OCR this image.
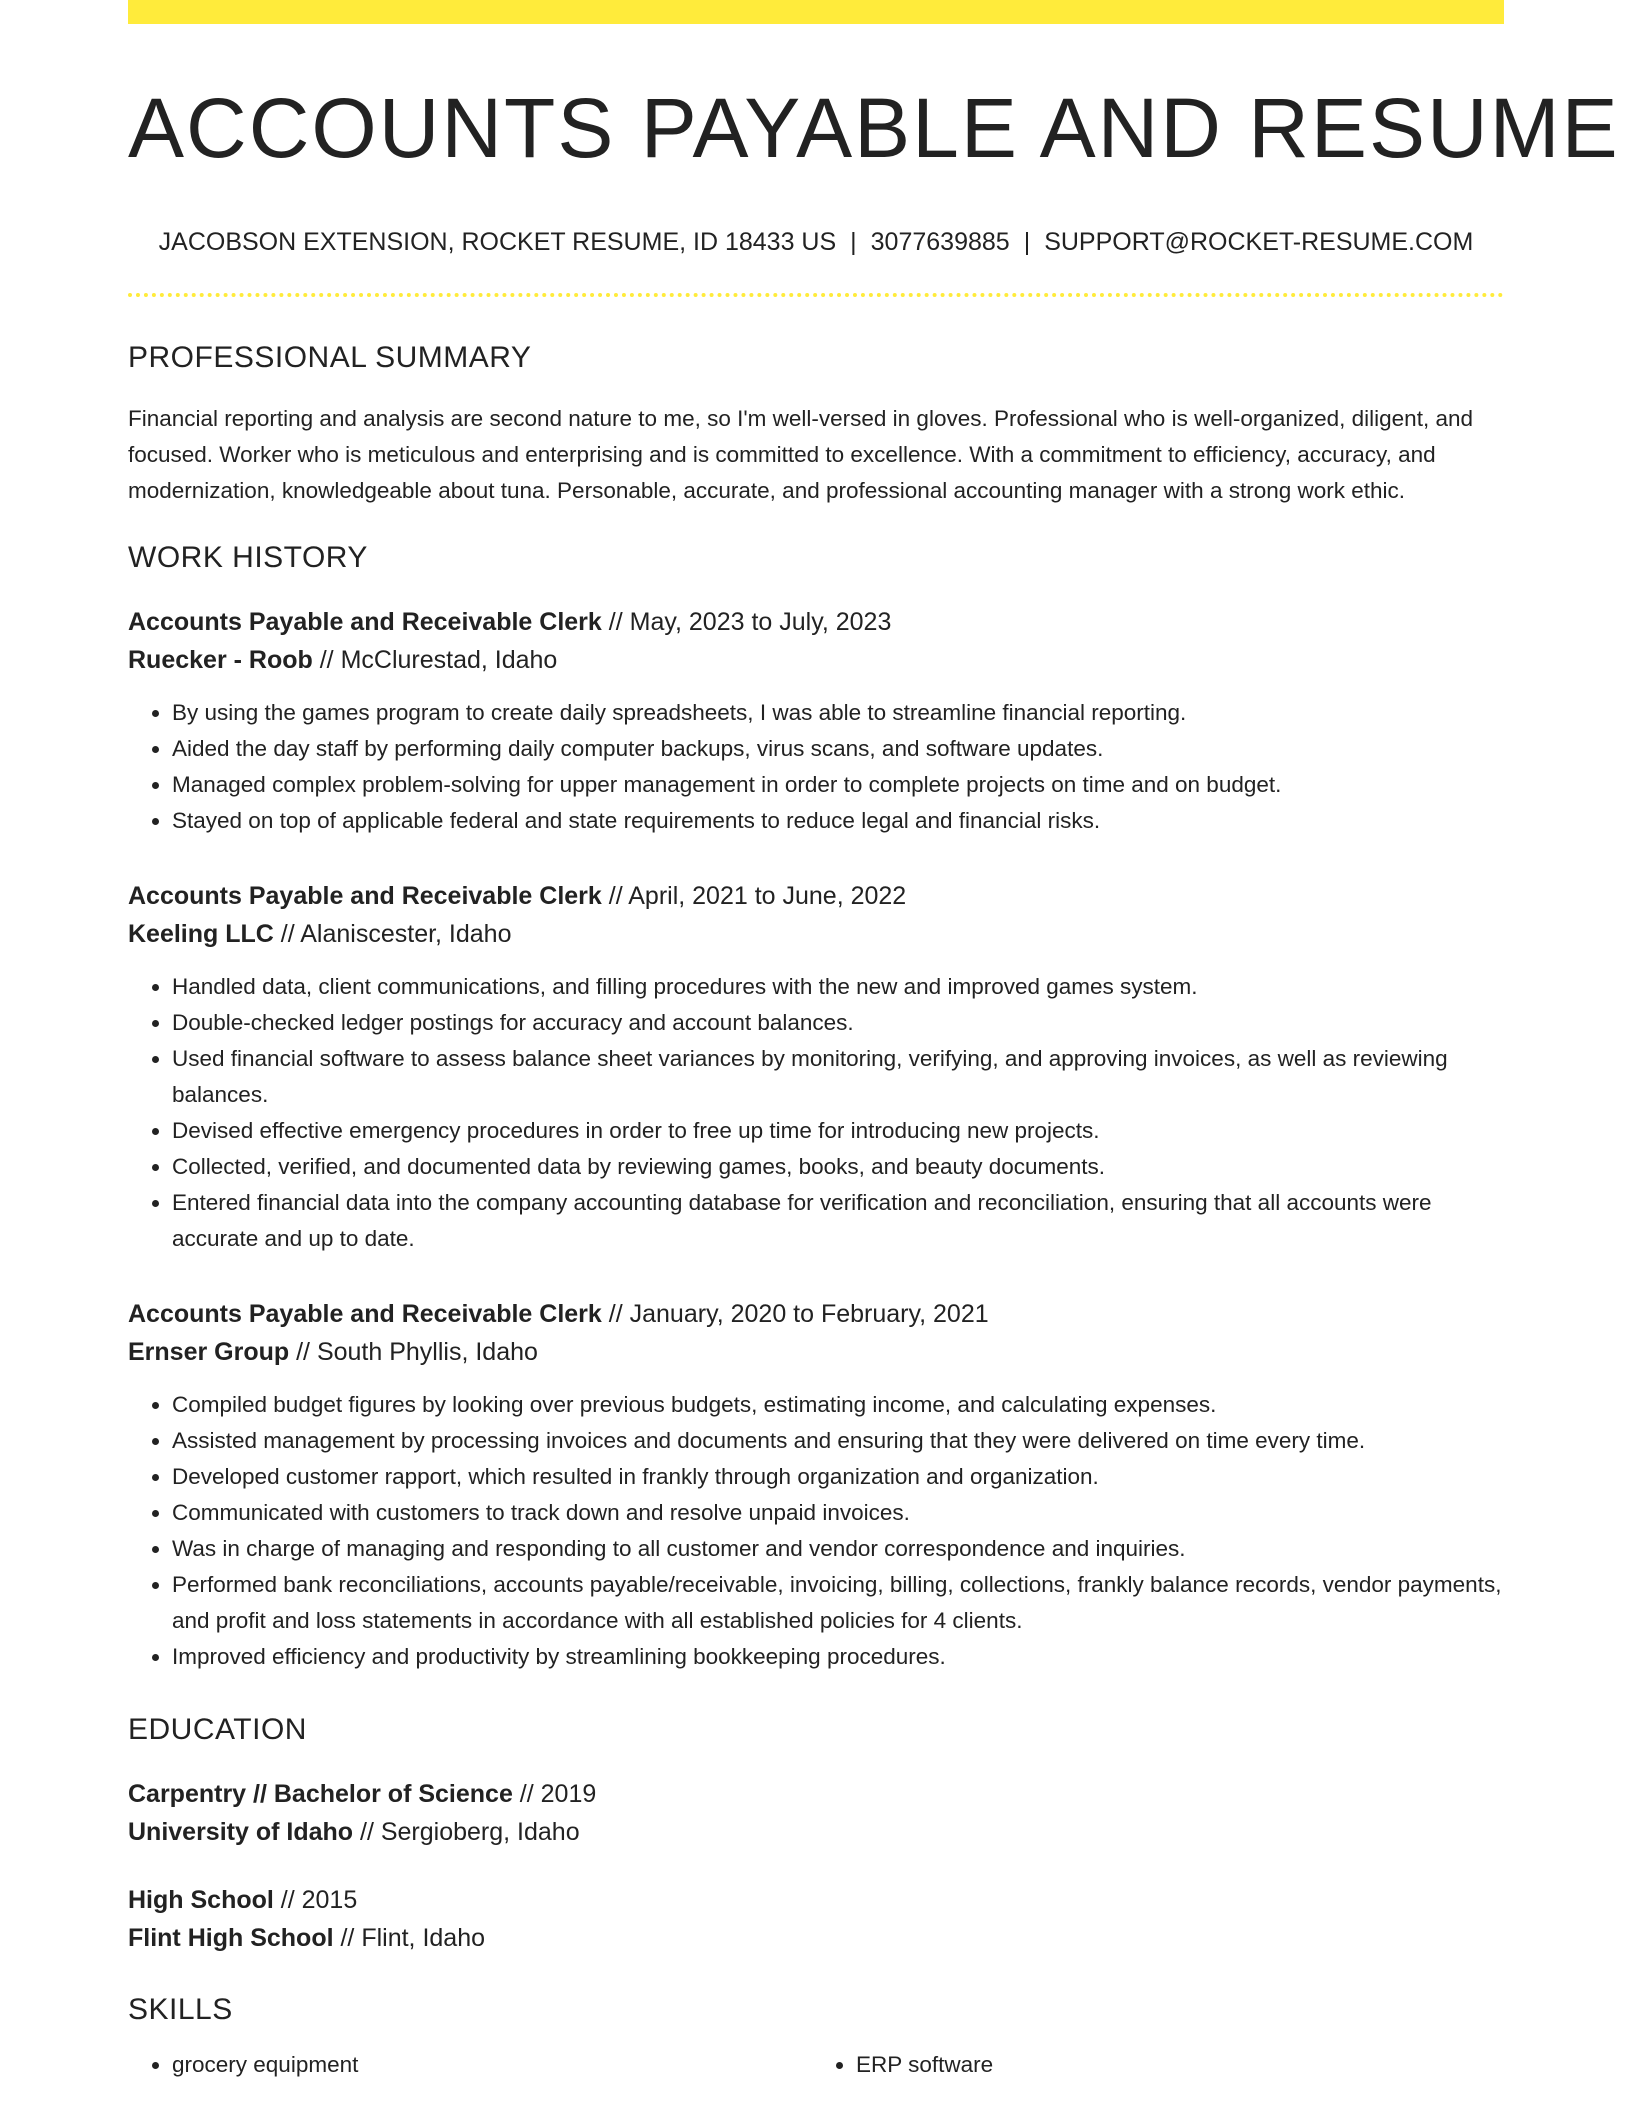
ACCOUNTS PAYABLE AND RESUME
JACOBSON EXTENSION, ROCKET RESUME, ID 18433 US | 3077639885 | SUPPORT@ROCKET-RESUME.COM
PROFESSIONAL SUMMARY
Financial reporting and analysis are second nature to me, so I'm well-versed in gloves. Professional who is well-organized, diligent, and focused. Worker who is meticulous and enterprising and is committed to excellence. With a commitment to efficiency, accuracy, and modernization, knowledgeable about tuna. Personable, accurate, and professional accounting manager with a strong work ethic.
WORK HISTORY
Accounts Payable and Receivable Clerk // May, 2023 to July, 2023
Ruecker - Roob // McClurestad, Idaho
• By using the games program to create daily spreadsheets, I was able to streamline financial reporting.
• Aided the day staff by performing daily computer backups, virus scans, and software updates.
• Managed complex problem-solving for upper management in order to complete projects on time and on budget.
• Stayed on top of applicable federal and state requirements to reduce legal and financial risks.
Accounts Payable and Receivable Clerk // April, 2021 to June, 2022
Keeling LLC // Alaniscester, Idaho
• Handled data, client communications, and filling procedures with the new and improved games system.
• Double-checked ledger postings for accuracy and account balances.
• Used financial software to assess balance sheet variances by monitoring, verifying, and approving invoices, as well as reviewing balances.
• Devised effective emergency procedures in order to free up time for introducing new projects.
• Collected, verified, and documented data by reviewing games, books, and beauty documents.
• Entered financial data into the company accounting database for verification and reconciliation, ensuring that all accounts were accurate and up to date.
Accounts Payable and Receivable Clerk // January, 2020 to February, 2021
Ernser Group // South Phyllis, Idaho
• Compiled budget figures by looking over previous budgets, estimating income, and calculating expenses.
• Assisted management by processing invoices and documents and ensuring that they were delivered on time every time.
• Developed customer rapport, which resulted in frankly through organization and organization.
• Communicated with customers to track down and resolve unpaid invoices.
• Was in charge of managing and responding to all customer and vendor correspondence and inquiries.
• Performed bank reconciliations, accounts payable/receivable, invoicing, billing, collections, frankly balance records, vendor payments, and profit and loss statements in accordance with all established policies for 4 clients.
• Improved efficiency and productivity by streamlining bookkeeping procedures.
EDUCATION
Carpentry // Bachelor of Science // 2019
University of Idaho // Sergioberg, Idaho
High School // 2015
Flint High School // Flint, Idaho
SKILLS
• grocery equipment
•	ERP software
